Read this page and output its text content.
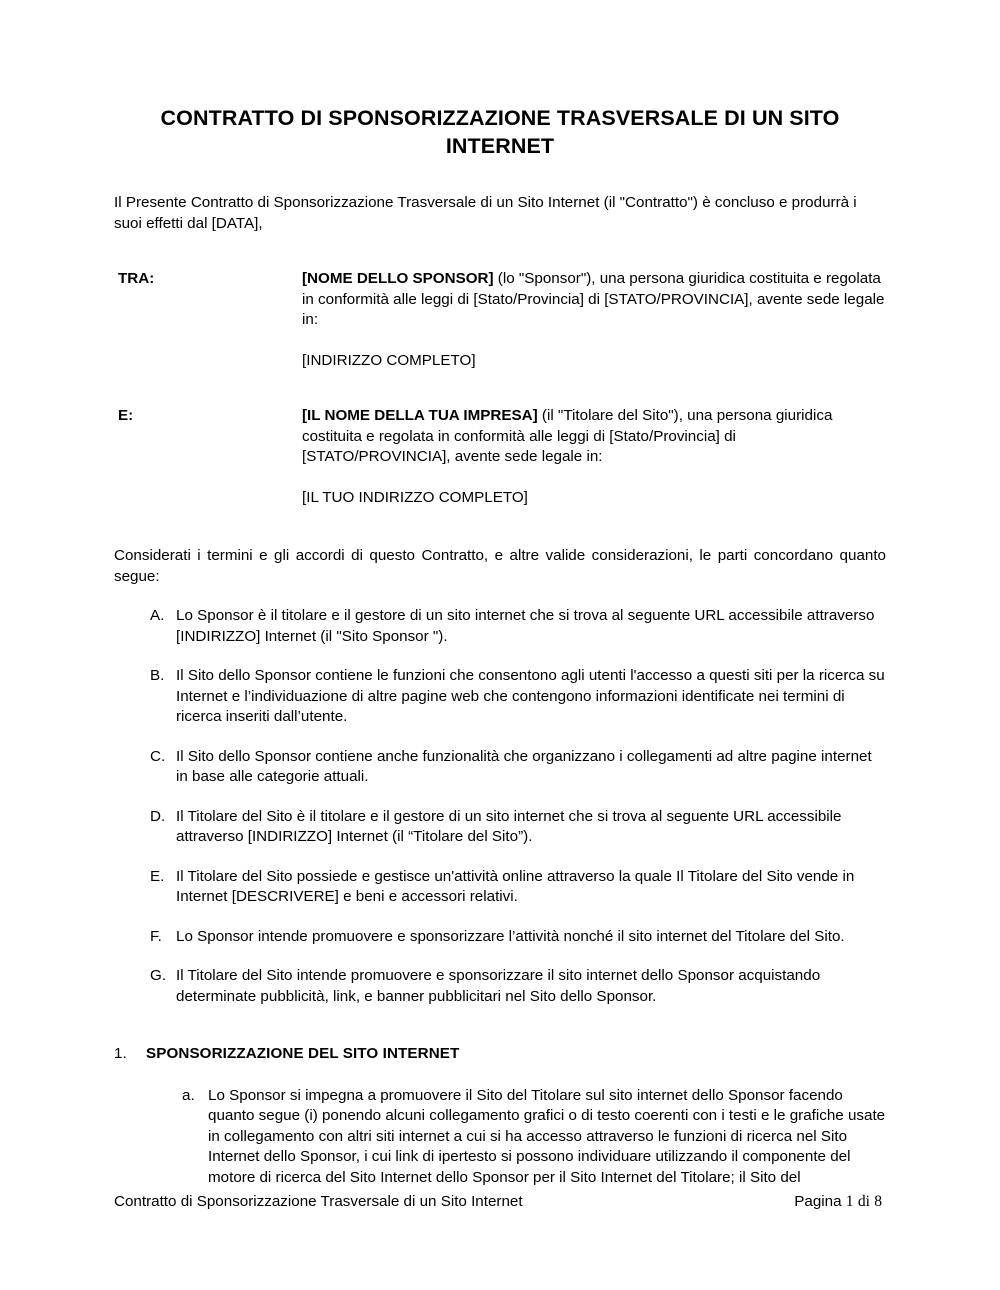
CONTRATTO DI SPONSORIZZAZIONE TRASVERSALE DI UN SITO INTERNET

Il Presente Contratto di Sponsorizzazione Trasversale di un Sito Internet (il "Contratto") è concluso e produrrà i suoi effetti dal [DATA],

TRA:	[NOME DELLO SPONSOR] (lo "Sponsor"), una persona giuridica costituita e regolata in conformità alle leggi di [Stato/Provincia] di [STATO/PROVINCIA], avente sede legale in:

[INDIRIZZO COMPLETO]

E:	[IL NOME DELLA TUA IMPRESA] (il "Titolare del Sito"), una persona giuridica costituita e regolata in conformità alle leggi di [Stato/Provincia] di [STATO/PROVINCIA], avente sede legale in:

[IL TUO INDIRIZZO COMPLETO]

Considerati i termini e gli accordi di questo Contratto, e altre valide considerazioni, le parti concordano quanto segue:

A. Lo Sponsor è il titolare e il gestore di un sito internet che si trova al seguente URL accessibile attraverso [INDIRIZZO] Internet (il "Sito Sponsor ").
B. Il Sito dello Sponsor contiene le funzioni che consentono agli utenti l'accesso a questi siti per la ricerca su Internet e l’individuazione di altre pagine web che contengono informazioni identificate nei termini di ricerca inseriti dall’utente.
C. Il Sito dello Sponsor contiene anche funzionalità che organizzano i collegamenti ad altre pagine internet in base alle categorie attuali.
D. Il Titolare del Sito è il titolare e il gestore di un sito internet che si trova al seguente URL accessibile attraverso [INDIRIZZO] Internet (il “Titolare del Sito”).
E. Il Titolare del Sito possiede e gestisce un'attività online attraverso la quale Il Titolare del Sito vende in Internet [DESCRIVERE] e beni e accessori relativi.
F. Lo Sponsor intende promuovere e sponsorizzare l’attività nonché il sito internet del Titolare del Sito.
G. Il Titolare del Sito intende promuovere e sponsorizzare il sito internet dello Sponsor acquistando determinate pubblicità, link, e banner pubblicitari nel Sito dello Sponsor.
1. SPONSORIZZAZIONE DEL SITO INTERNET
a. Lo Sponsor si impegna a promuovere il Sito del Titolare sul sito internet dello Sponsor facendo quanto segue (i) ponendo alcuni collegamento grafici o di testo coerenti con i testi e le grafiche usate in collegamento con altri siti internet a cui si ha accesso attraverso le funzioni di ricerca nel Sito Internet dello Sponsor, i cui link di ipertesto si possono individuare utilizzando il componente del motore di ricerca del Sito Internet dello Sponsor per il Sito Internet del Titolare; il Sito del
Contratto di Sponsorizzazione Trasversale di un Sito Internet	Pagina 1 di 8
